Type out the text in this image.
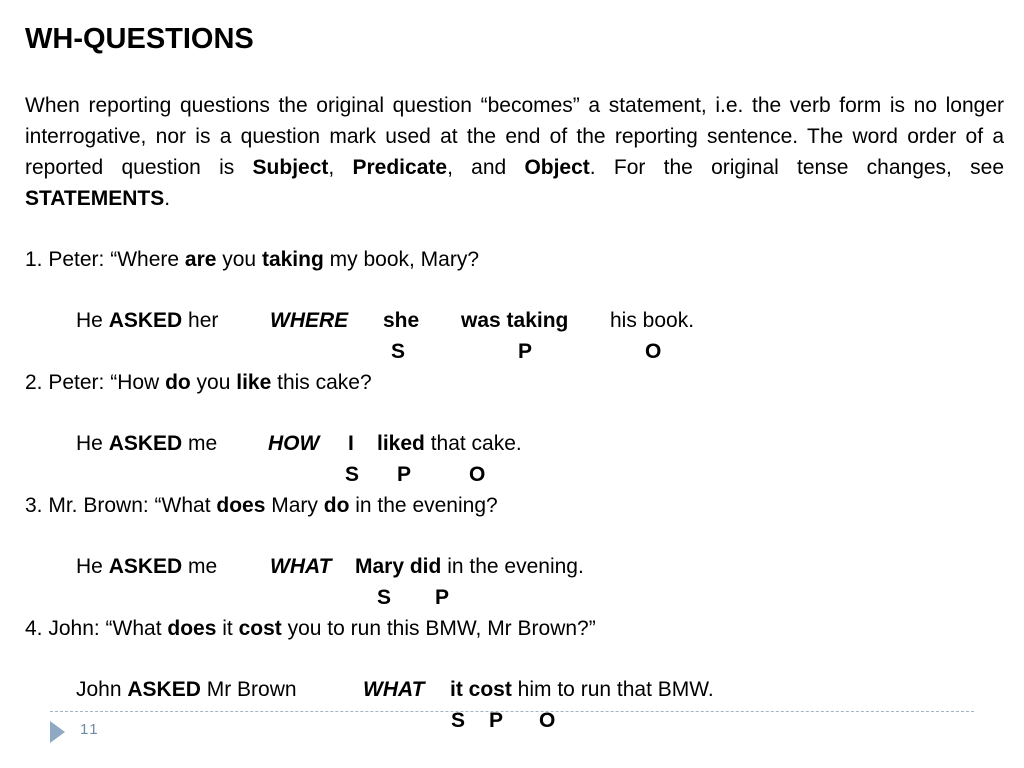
WH-QUESTIONS

When reporting questions the original question “becomes” a statement, i.e. the verb form is no longer interrogative, nor is a question mark used at the end of the reporting sentence. The word order of a reported question is Subject, Predicate, and Object. For the original tense changes, see STATEMENTS.

1. Peter: “Where are you taking my book, Mary?
He ASKED her WHERE she was taking his book.
S	P	O
2. Peter: “How do you like this cake?
He ASKED me HOW I liked that cake.
S P	O
3. Mr. Brown: “What does Mary do in the evening?
He ASKED me	WHAT Mary did in the evening.
S P
4. John: “What does it cost you to run this BMW, Mr Brown?”
John ASKED Mr Brown	WHAT it cost him to run that BMW.
S P O
11
